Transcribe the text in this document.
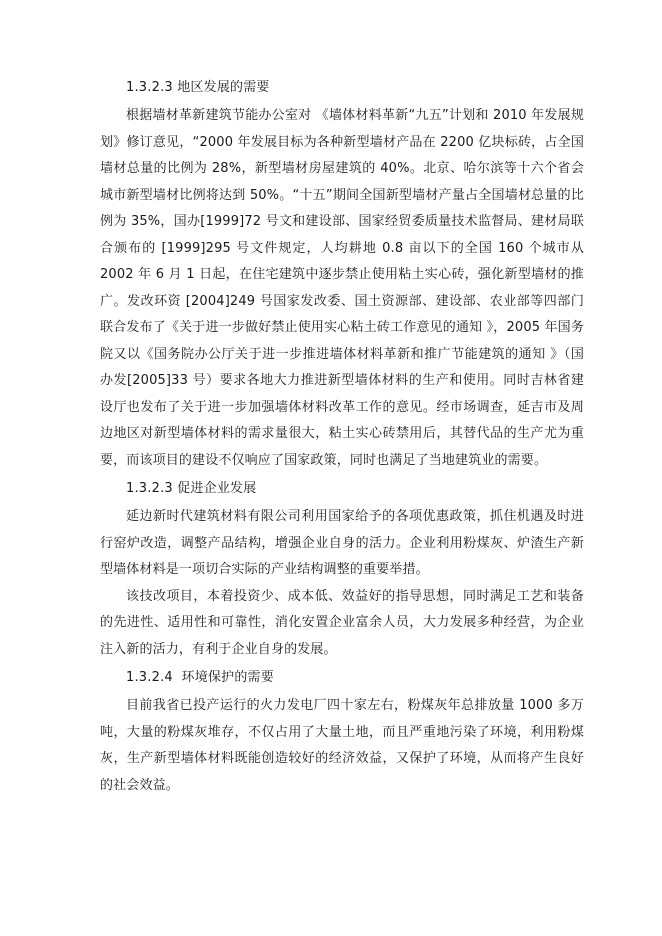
1.3.2.3 地区发展的需要

根据墙材革新建筑节能办公室对 《墙体材料革新“九五”计划和 2010 年发展规划》修订意见，“2000 年发展目标为各种新型墙材产品在 2200 亿块标砖，占全国墙材总量的比例为 28%，新型墙材房屋建筑的 40%。北京、哈尔滨等十六个省会城市新型墙材比例将达到 50%。“十五”期间全国新型墙材产量占全国墙材总量的比例为 35%，国办[1999]72 号文和建设部、国家经贸委质量技术监督局、建材局联合颁布的 [1999]295 号文件规定，人均耕地 0.8 亩以下的全国 160 个城市从 2002 年 6 月 1 日起，在住宅建筑中逐步禁止使用粘土实心砖，强化新型墙材的推广。发改环资 [2004]249 号国家发改委、国土资源部、建设部、农业部等四部门联合发布了《关于进一步做好禁止使用实心粘土砖工作意见的通知 》，2005 年国务院又以《国务院办公厅关于进一步推进墙体材料革新和推广节能建筑的通知 》（国办发[2005]33 号）要求各地大力推进新型墙体材料的生产和使用。同时吉林省建设厅也发布了关于进一步加强墙体材料改革工作的意见。经市场调查，延吉市及周边地区对新型墙体材料的需求量很大，粘土实心砖禁用后，其替代品的生产尤为重要，而该项目的建设不仅响应了国家政策，同时也满足了当地建筑业的需要。

1.3.2.3 促进企业发展

延边新时代建筑材料有限公司利用国家给予的各项优惠政策，抓住机遇及时进行窑炉改造，调整产品结构，增强企业自身的活力。企业利用粉煤灰、炉渣生产新型墙体材料是一项切合实际的产业结构调整的重要举措。

该技改项目，本着投资少、成本低、效益好的指导思想，同时满足工艺和装备的先进性、适用性和可靠性，消化安置企业富余人员，大力发展多种经营，为企业注入新的活力，有利于企业自身的发展。

1.3.2.4  环境保护的需要

目前我省已投产运行的火力发电厂四十家左右，粉煤灰年总排放量 1000 多万吨，大量的粉煤灰堆存，不仅占用了大量土地，而且严重地污染了环境，利用粉煤灰，生产新型墙体材料既能创造较好的经济效益，又保护了环境，从而将产生良好的社会效益。
